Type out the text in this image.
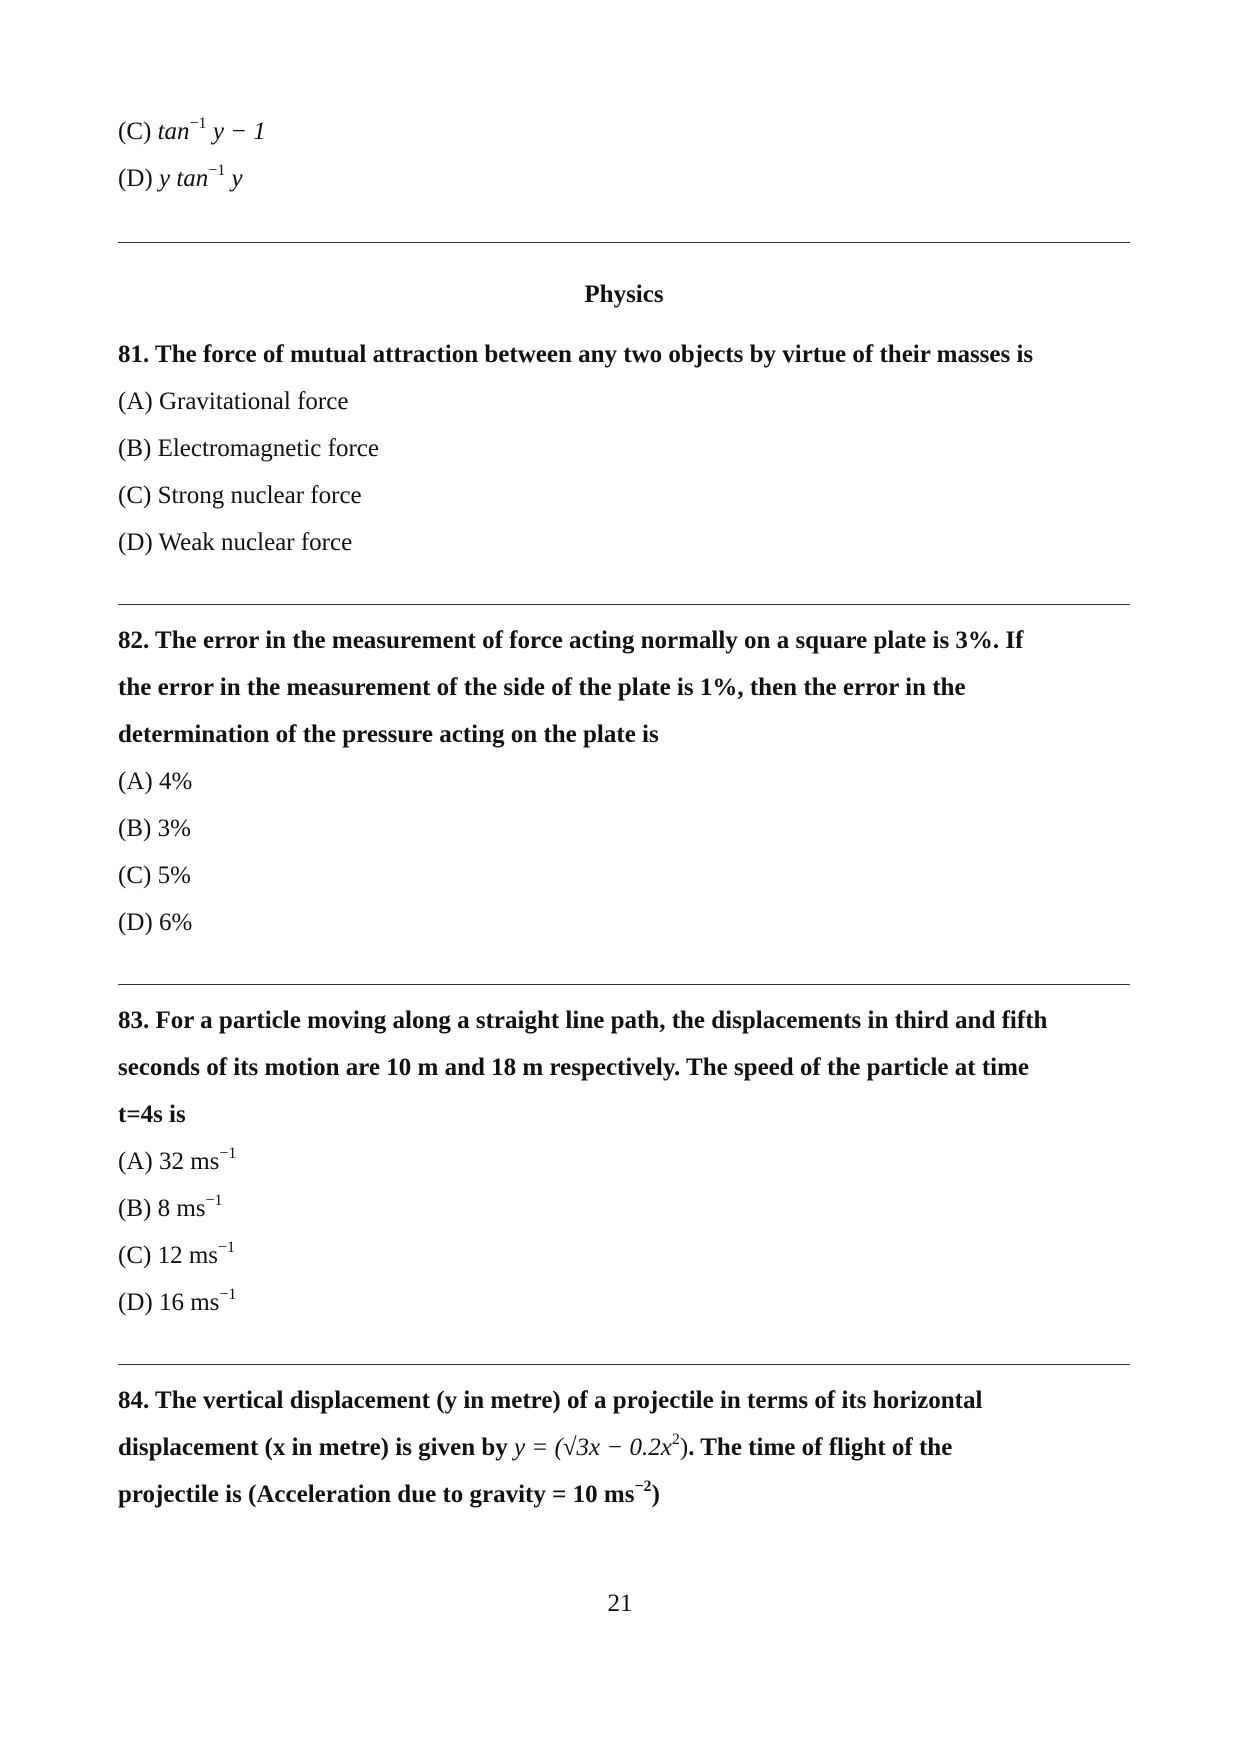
(C) $\tan^{-1} y - 1$

(D) y $\tan^{-1} y$

Physics

81. The force of mutual attraction between any two objects by virtue of their masses is

(A) Gravitational force

(B) Electromagnetic force

(C) Strong nuclear force

(D) Weak nuclear force

82. The error in the measurement of force acting normally on a square plate is 3%. If

the error in the measurement of the side of the plate is 1%, then the error in the

determination of the pressure acting on the plate is

(A) 4%

(B) 3%

(C) 5%

(D) 6%

83. For a particle moving along a straight line path, the displacements in third and fifth

seconds of its motion are 10 m and 18 m respectively. The speed of the particle at time

t=4s is

(A) 32 $ms^{-1}$

(B) 8 $ms^{-1}$

(C) 12 $ms^{-1}$

(D) 16 $ms^{-1}$

84. The vertical displacement (y in metre) of a projectile in terms of its horizontal

displacement (x in metre) is given by $y = (√3x - 0.2x^2)$. The time of flight of the

projectile is (Acceleration due to gravity = 10 $ms^{-2}$)

21
